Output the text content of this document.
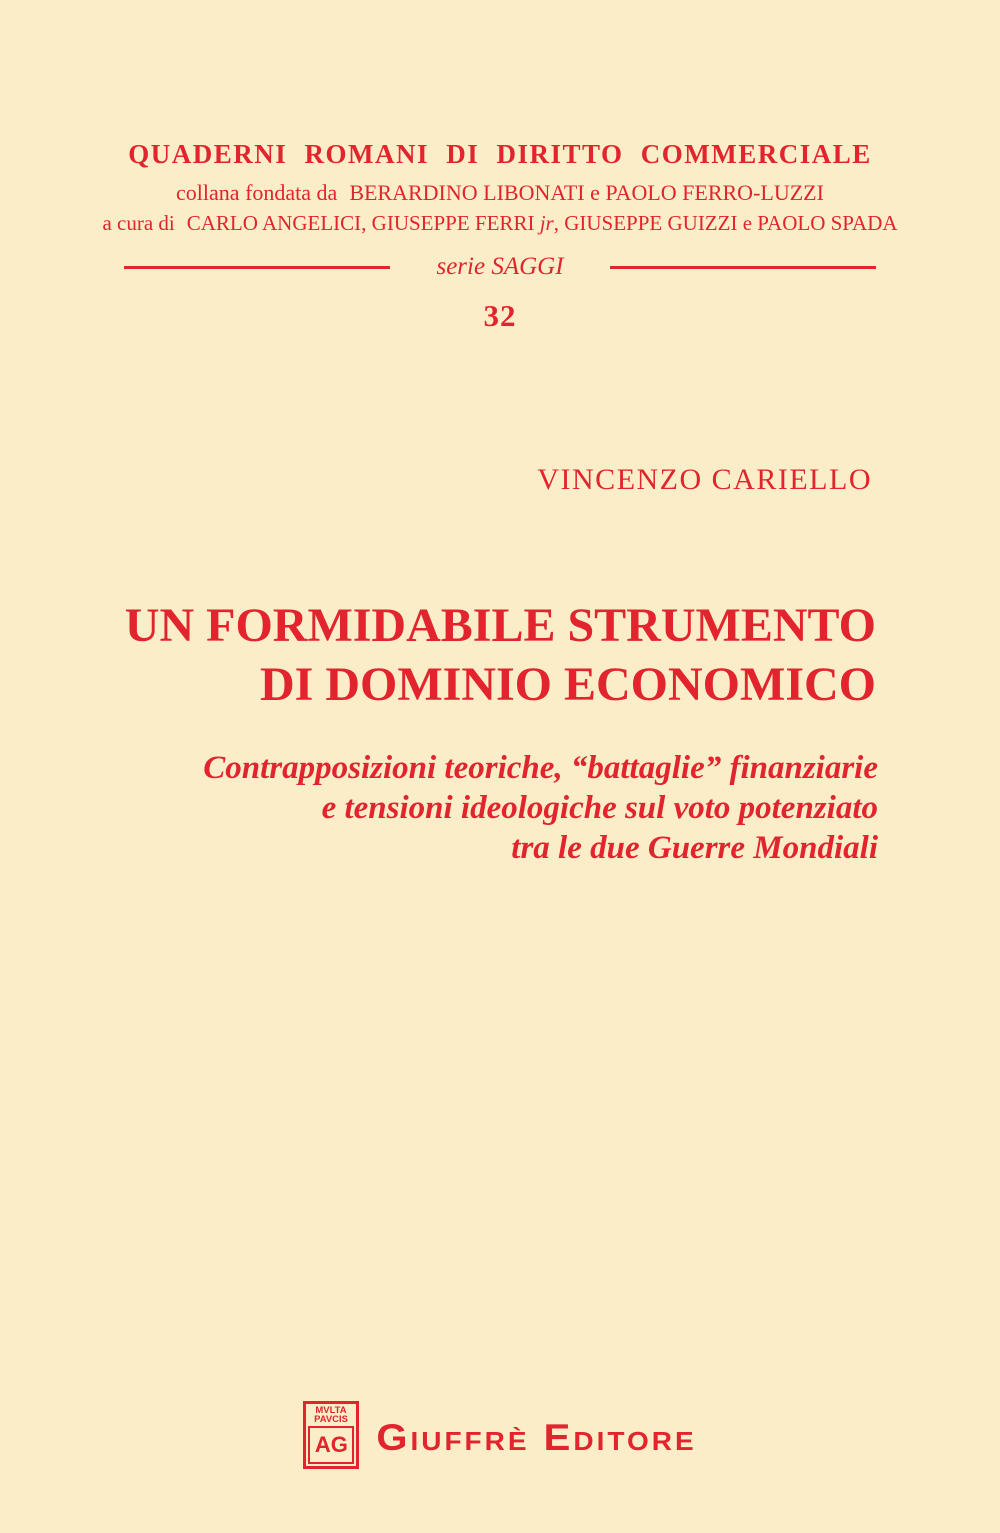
QUADERNI ROMANI DI DIRITTO COMMERCIALE
collana fondata da BERARDINO LIBONATI e PAOLO FERRO-LUZZI
a cura di CARLO ANGELICI, GIUSEPPE FERRI jr, GIUSEPPE GUIZZI e PAOLO SPADA
serie SAGGI
32
VINCENZO CARIELLO
UN FORMIDABILE STRUMENTO
DI DOMINIO ECONOMICO
Contrapposizioni teoriche, “battaglie” finanziarie
e tensioni ideologiche sul voto potenziato
tra le due Guerre Mondiali
MVLTA
PAVCIS
AG Giuffrè Editore
